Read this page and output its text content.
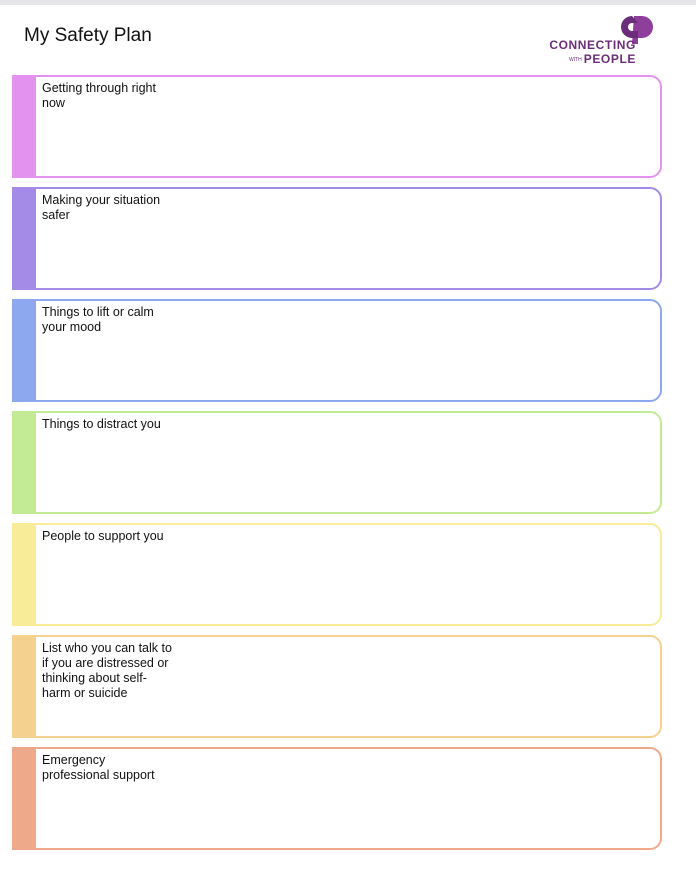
My Safety Plan	CONNECTING
WITH PEOPLE
Getting through right now
Making your situation safer
Things to lift or calm your mood
Things to distract you
People to support you
List who you can talk to if you are distressed or thinking about self-harm or suicide
Emergency professional support
